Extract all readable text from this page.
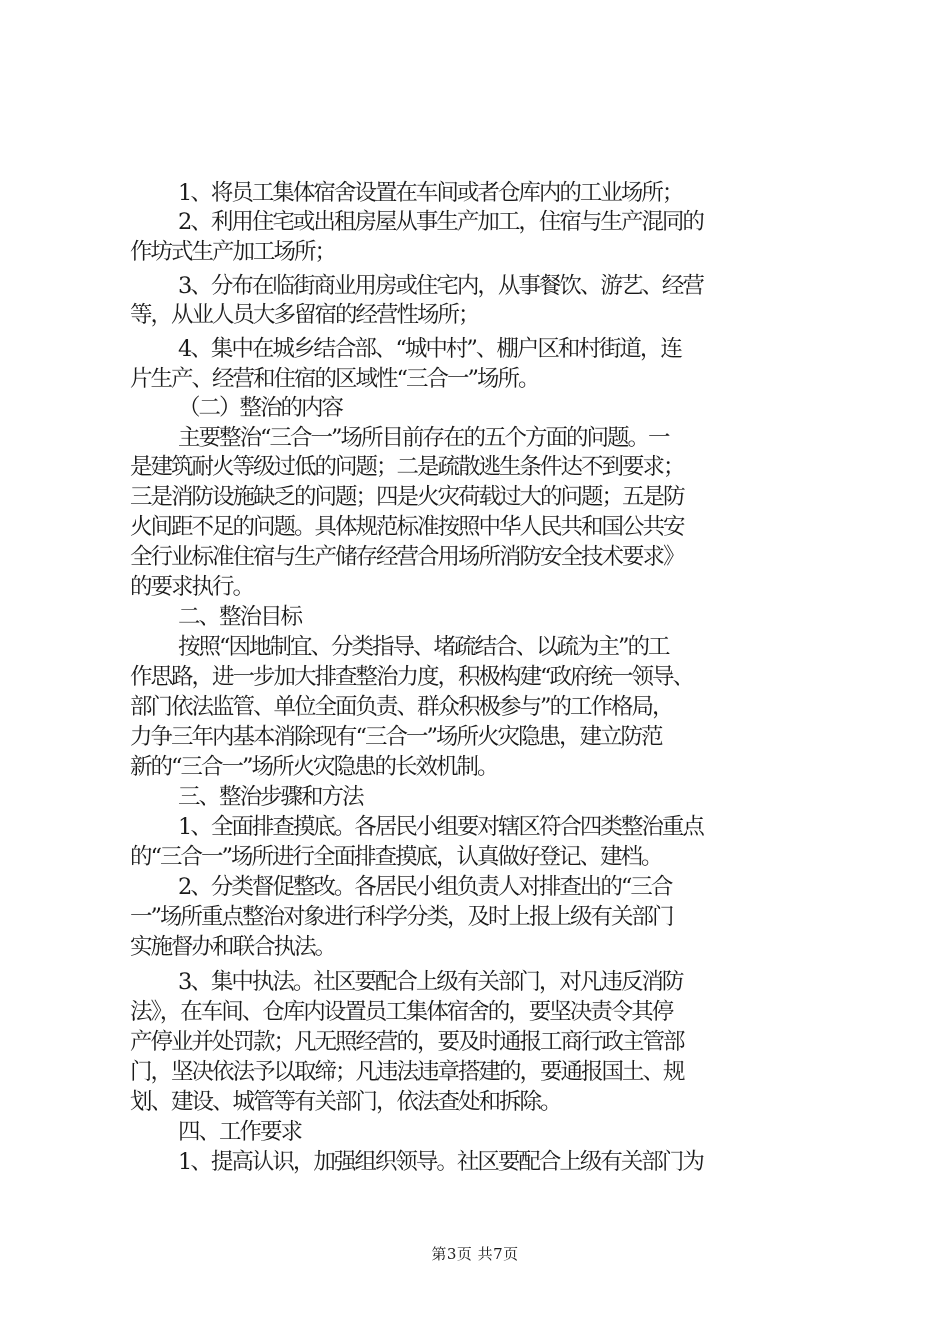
1、将员工集体宿舍设置在车间或者仓库内的工业场所；
2、利用住宅或出租房屋从事生产加工，住宿与生产混同的
作坊式生产加工场所；
3、分布在临街商业用房或住宅内，从事餐饮、游艺、经营
等，从业人员大多留宿的经营性场所；
4、集中在城乡结合部、“城中村”、棚户区和村街道，连
片生产、经营和住宿的区域性“三合一”场所。
（二）整治的内容
主要整治“三合一”场所目前存在的五个方面的问题。一
是建筑耐火等级过低的问题；二是疏散逃生条件达不到要求；
三是消防设施缺乏的问题；四是火灾荷载过大的问题；五是防
火间距不足的问题。具体规范标准按照中华人民共和国公共安
全行业标准住宿与生产储存经营合用场所消防安全技术要求》
的要求执行。
二、整治目标
按照“因地制宜、分类指导、堵疏结合、以疏为主”的工
作思路，进一步加大排查整治力度，积极构建“政府统一领导、
部门依法监管、单位全面负责、群众积极参与”的工作格局，
力争三年内基本消除现有“三合一”场所火灾隐患，建立防范
新的“三合一”场所火灾隐患的长效机制。
三、整治步骤和方法
1、全面排查摸底。各居民小组要对辖区符合四类整治重点
的“三合一”场所进行全面排查摸底，认真做好登记、建档。
2、分类督促整改。各居民小组负责人对排查出的“三合
一”场所重点整治对象进行科学分类，及时上报上级有关部门
实施督办和联合执法。
3、集中执法。社区要配合上级有关部门，对凡违反消防
法》，在车间、仓库内设置员工集体宿舍的，要坚决责令其停
产停业并处罚款；凡无照经营的，要及时通报工商行政主管部
门，坚决依法予以取缔；凡违法违章搭建的，要通报国土、规
划、建设、城管等有关部门，依法查处和拆除。
四、工作要求
1、提高认识，加强组织领导。社区要配合上级有关部门为
第3页 共7页
